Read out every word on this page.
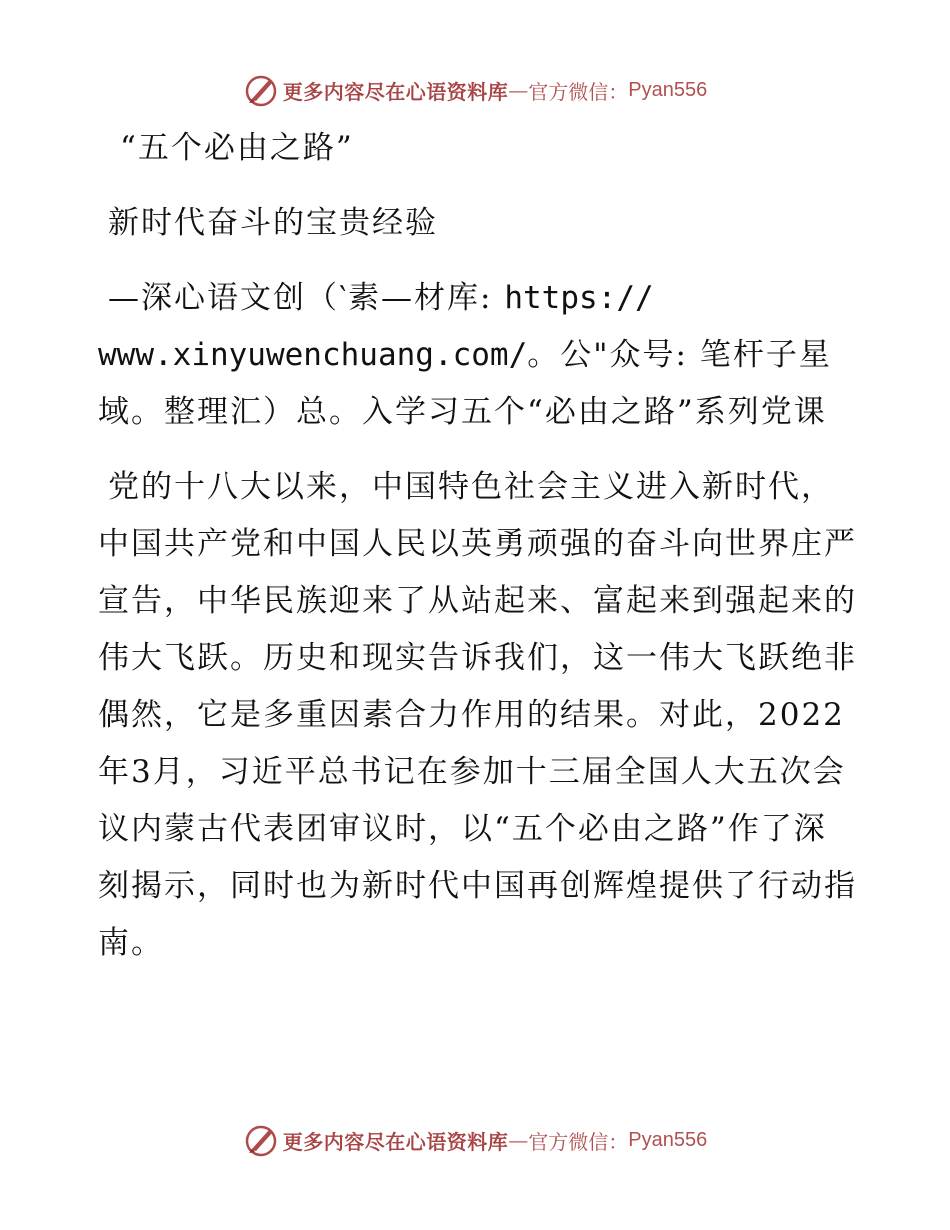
更多内容尽在心语资料库 — 官方微信： Pyan556

“五个必由之路”

新时代奋斗的宝贵经验

—深心语文创（‵素—材库: https://
www.xinyuwenchuang.com/。公"众号: 笔杆子星域。整理汇）总。入学习五个“必由之路”系列党课

党的十八大以来，中国特色社会主义进入新时代，中国共产党和中国人民以英勇顽强的奋斗向世界庄严宣告，中华民族迎来了从站起来、富起来到强起来的伟大飞跃。历史和现实告诉我们，这一伟大飞跃绝非偶然，它是多重因素合力作用的结果。对此，2022年3月，习近平总书记在参加十三届全国人大五次会议内蒙古代表团审议时，以“五个必由之路”作了深刻揭示，同时也为新时代中国再创辉煌提供了行动指南。

更多内容尽在心语资料库 — 官方微信： Pyan556
